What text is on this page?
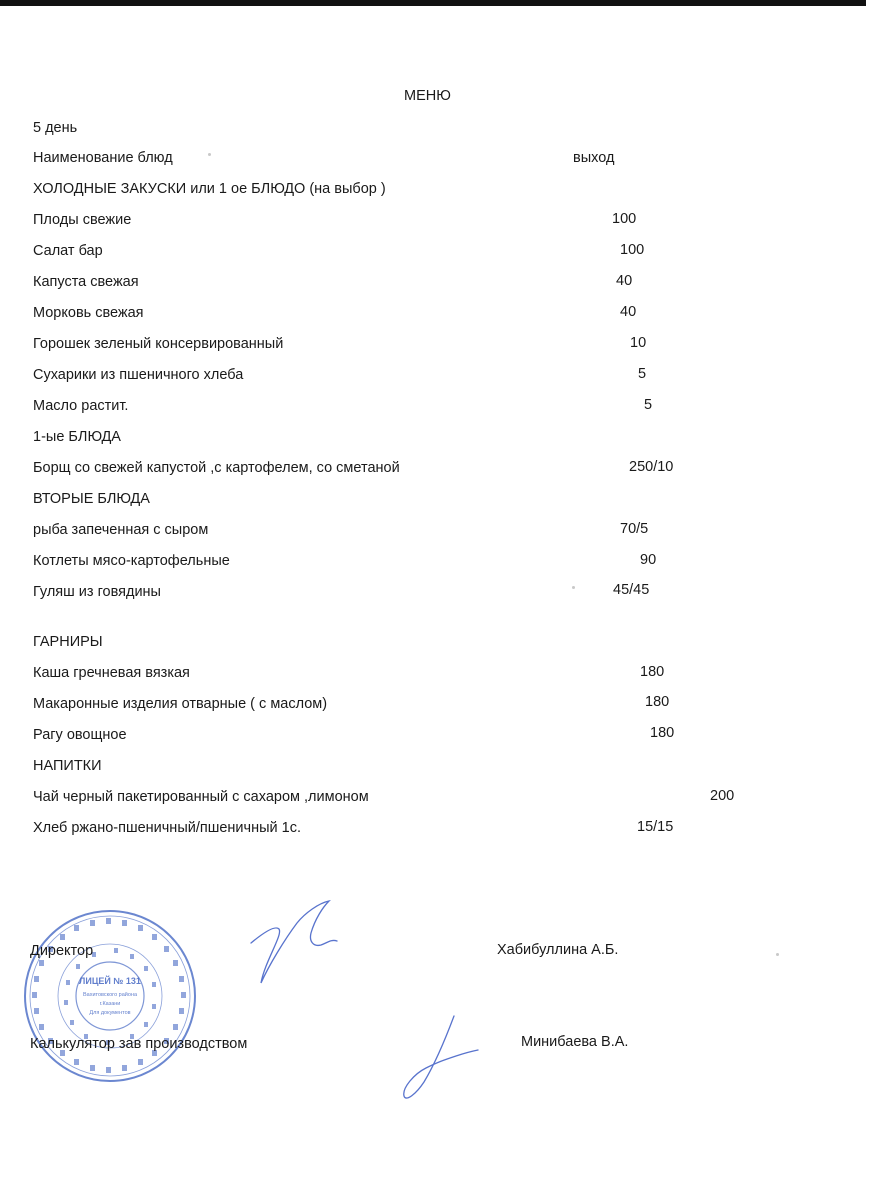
МЕНЮ
5 день
Наименование блюд	выход
ХОЛОДНЫЕ ЗАКУСКИ или 1 ое БЛЮДО (на выбор )
Плоды свежие	100
Салат бар	100
Капуста свежая	40
Морковь свежая	40
Горошек зеленый консервированный	10
Сухарики из пшеничного хлеба	5
Масло растит.	5
1-ые БЛЮДА
Борщ со свежей капустой ,с картофелем, со сметаной	250/10
ВТОРЫЕ БЛЮДА
рыба запеченная с сыром	70/5
Котлеты мясо-картофельные	90
Гуляш из говядины	45/45
ГАРНИРЫ
Каша гречневая вязкая	180
Макаронные изделия отварные ( с маслом)	180
Рагу овощное	180
НАПИТКИ
Чай черный пакетированный с сахаром ,лимоном	200
Хлеб ржано-пшеничный/пшеничный 1с.	15/15
ЛИЦЕЙ № 131
Вахитовского района
г.Казани
Для документов
Директор	Хабибуллина А.Б.
Калькулятор зав производством	Минибаева В.А.
